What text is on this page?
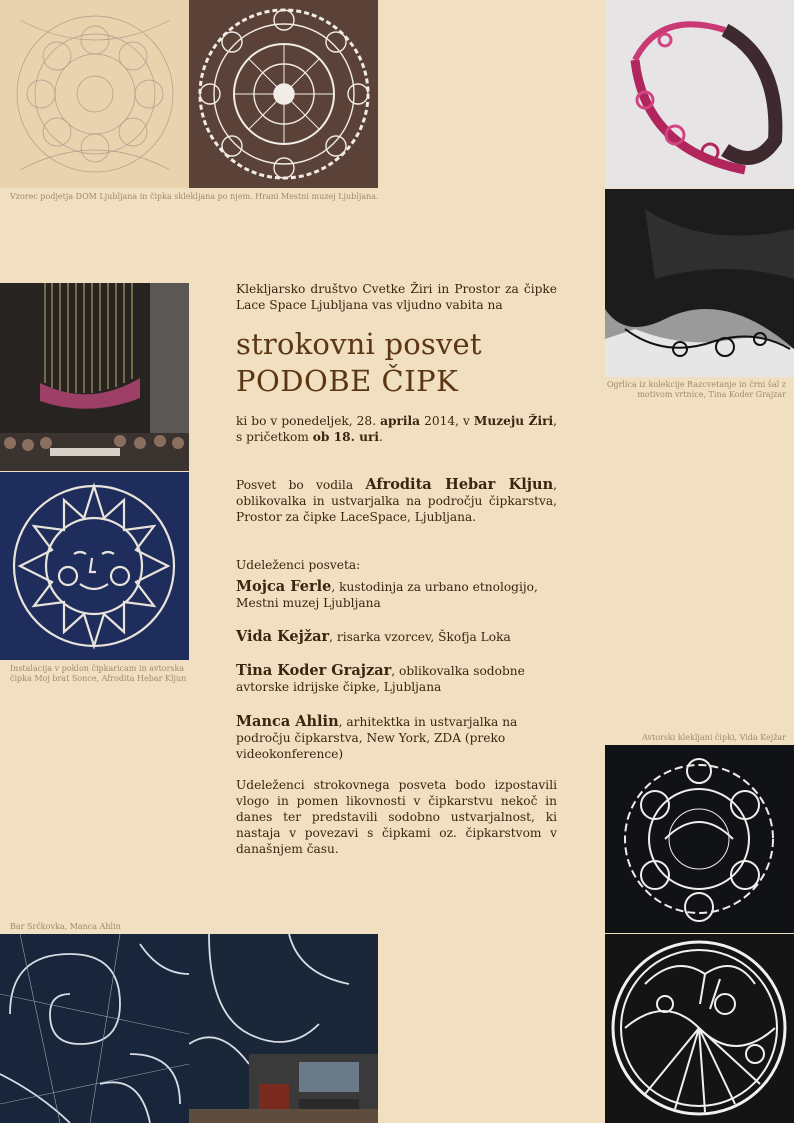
Vzorec podjetja DOM Ljubljana in čipka sklekljana po njem. Hrani Mestni muzej Ljubljana.
Ogrlica iz kolekcije Razcvetanje in črni šal z motivom vrtnice, Tina Koder Grajzar
Instalacija v poklon čipkaricam in avtorska čipka Moj brat Sonce, Afrodita Hebar Kljun
Bar Srčkovka, Manca Ahlin
Avtorski klekljani čipki, Vida Kejžar
Klekljarsko društvo Cvetke Žiri in Prostor za čipke Lace Space Ljubljana vas vljudno vabita na
strokovni posvet
PODOBE ČIPK
ki bo v ponedeljek, 28. aprila 2014, v Muzeju Žiri, s pričetkom ob 18. uri.
Posvet bo vodila Afrodita Hebar Kljun, oblikovalka in ustvarjalka na področju čipkarstva, Prostor za čipke LaceSpace, Ljubljana.
Udeleženci posveta:
Mojca Ferle, kustodinja za urbano etnologijo, Mestni muzej Ljubljana
Vida Kejžar, risarka vzorcev, Škofja Loka
Tina Koder Grajzar, oblikovalka sodobne avtorske idrijske čipke, Ljubljana
Manca Ahlin, arhitektka in ustvarjalka na področju čipkarstva, New York, ZDA (preko videokonference)
Udeleženci strokovnega posveta bodo izpostavili vlogo in pomen likovnosti v čipkarstvu nekoč in danes ter predstavili sodobno ustvarjalnost, ki nastaja v povezavi s čipkami oz. čipkarstvom v današnjem času.
